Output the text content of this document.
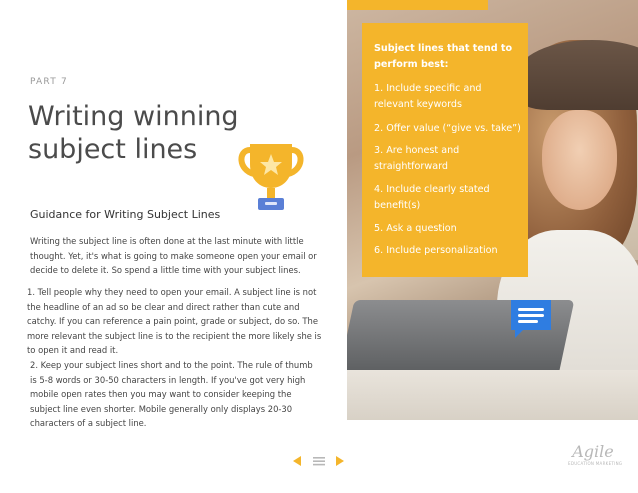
PART 7
Writing winning subject lines
Guidance for Writing Subject Lines

Writing the subject line is often done at the last minute with little thought. Yet, it's what is going to make someone open your email or decide to delete it. So spend a little time with your subject lines.

1. Tell people why they need to open your email. A subject line is not the headline of an ad so be clear and direct rather than cute and catchy. If you can reference a pain point, grade or subject, do so. The more relevant the subject line is to the recipient the more likely she is to open it and read it.

2. Keep your subject lines short and to the point. The rule of thumb is 5-8 words or 30-50 characters in length. If you've got very high mobile open rates then you may want to consider keeping the subject line even shorter. Mobile generally only displays 20-30 characters of a subject line.

Subject lines that tend to perform best:
1. Include specific and relevant keywords
2. Offer value (“give vs. take”)
3. Are honest and straightforward
4. Include clearly stated benefit(s)
5. Ask a question
6. Include personalization
Agile
EDUCATION MARKETING
